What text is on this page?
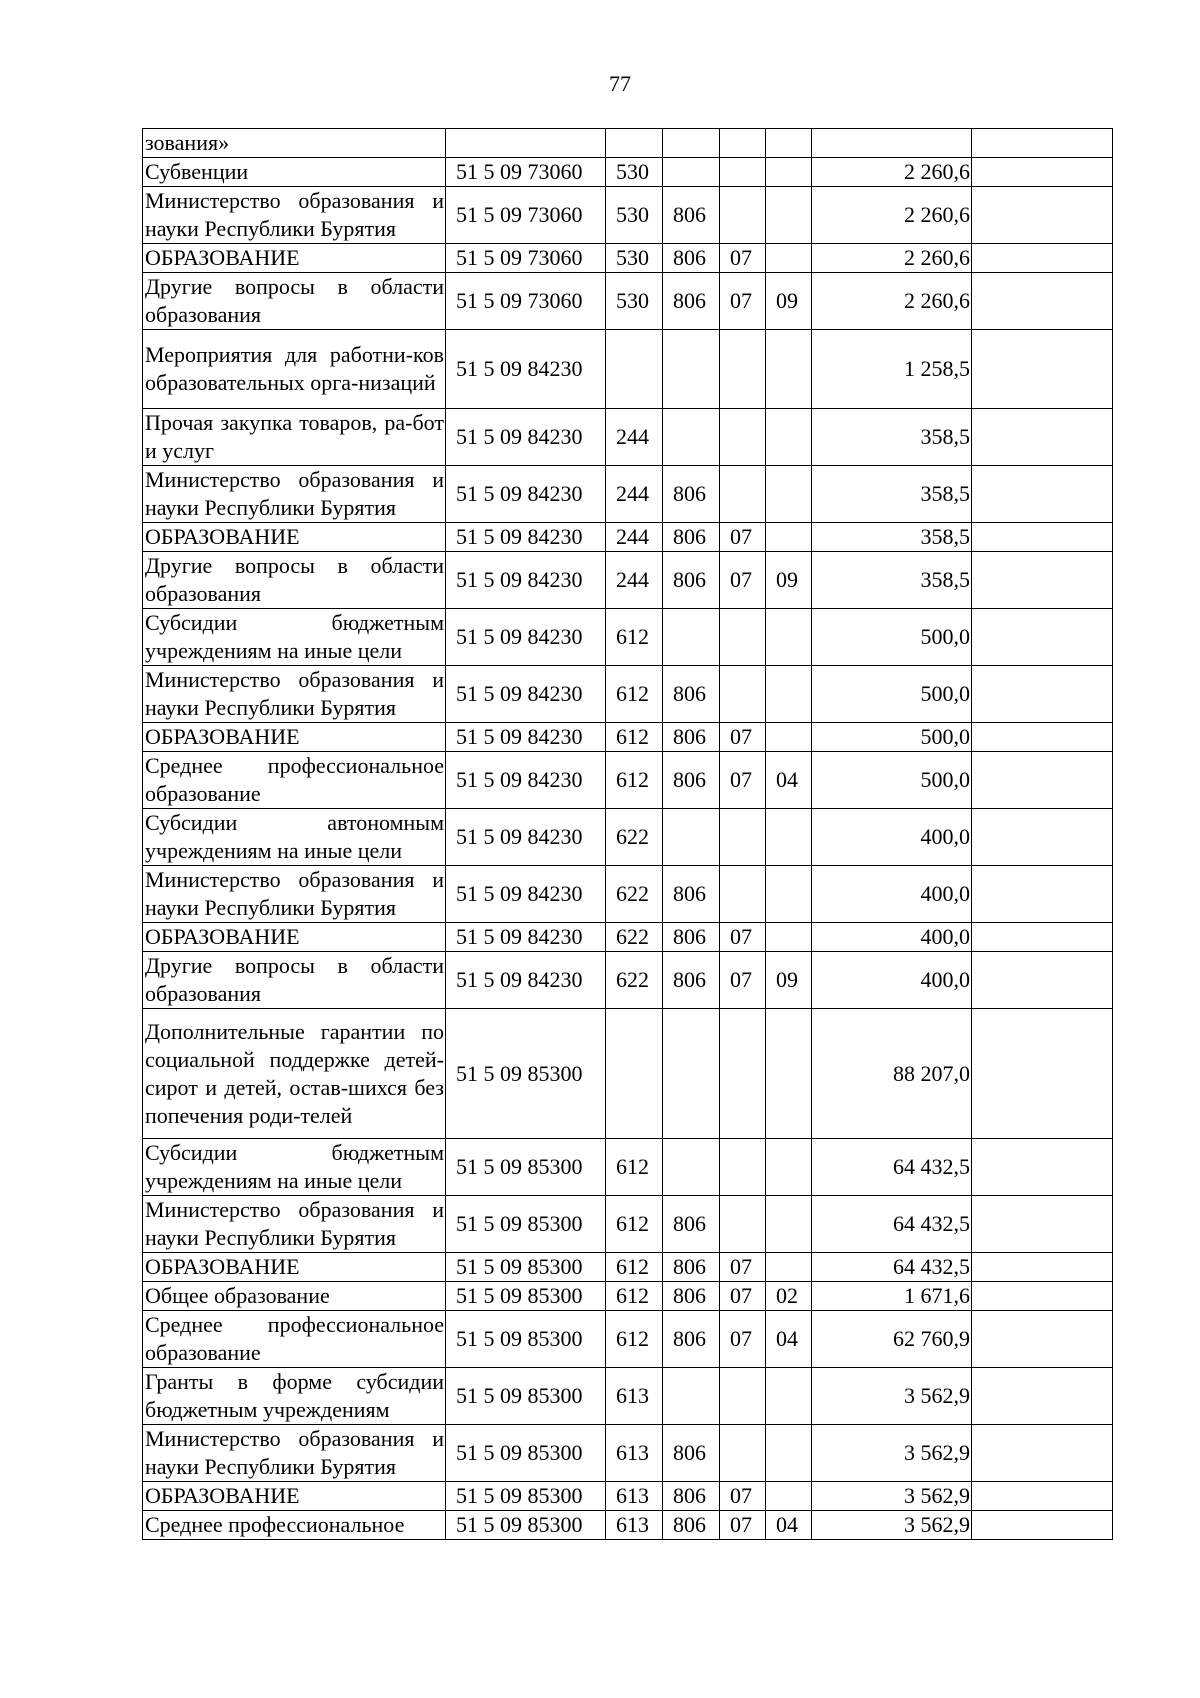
77
зования»							
Субвенции	51 5 09 73060	530				2 260,6	
Министерство образования и науки Республики Бурятия	51 5 09 73060	530	806			2 260,6	
ОБРАЗОВАНИЕ	51 5 09 73060	530	806	07		2 260,6	
Другие вопросы в области образования	51 5 09 73060	530	806	07	09	2 260,6	
Мероприятия для работни-ков образовательных орга-низаций	51 5 09 84230					1 258,5	
Прочая закупка товаров, ра-бот и услуг	51 5 09 84230	244				358,5	
Министерство образования и науки Республики Бурятия	51 5 09 84230	244	806			358,5	
ОБРАЗОВАНИЕ	51 5 09 84230	244	806	07		358,5	
Другие вопросы в области образования	51 5 09 84230	244	806	07	09	358,5	
Субсидии бюджетным учреждениям на иные цели	51 5 09 84230	612				500,0	
Министерство образования и науки Республики Бурятия	51 5 09 84230	612	806			500,0	
ОБРАЗОВАНИЕ	51 5 09 84230	612	806	07		500,0	
Среднее профессиональное образование	51 5 09 84230	612	806	07	04	500,0	
Субсидии автономным учреждениям на иные цели	51 5 09 84230	622				400,0	
Министерство образования и науки Республики Бурятия	51 5 09 84230	622	806			400,0	
ОБРАЗОВАНИЕ	51 5 09 84230	622	806	07		400,0	
Другие вопросы в области образования	51 5 09 84230	622	806	07	09	400,0	
Дополнительные гарантии по социальной поддержке детей-сирот и детей, остав-шихся без попечения роди-телей	51 5 09 85300					88 207,0	
Субсидии бюджетным учреждениям на иные цели	51 5 09 85300	612				64 432,5	
Министерство образования и науки Республики Бурятия	51 5 09 85300	612	806			64 432,5	
ОБРАЗОВАНИЕ	51 5 09 85300	612	806	07		64 432,5	
Общее образование	51 5 09 85300	612	806	07	02	1 671,6	
Среднее профессиональное образование	51 5 09 85300	612	806	07	04	62 760,9	
Гранты в форме субсидии бюджетным учреждениям	51 5 09 85300	613				3 562,9	
Министерство образования и науки Республики Бурятия	51 5 09 85300	613	806			3 562,9	
ОБРАЗОВАНИЕ	51 5 09 85300	613	806	07		3 562,9	
Среднее профессиональное	51 5 09 85300	613	806	07	04	3 562,9	
